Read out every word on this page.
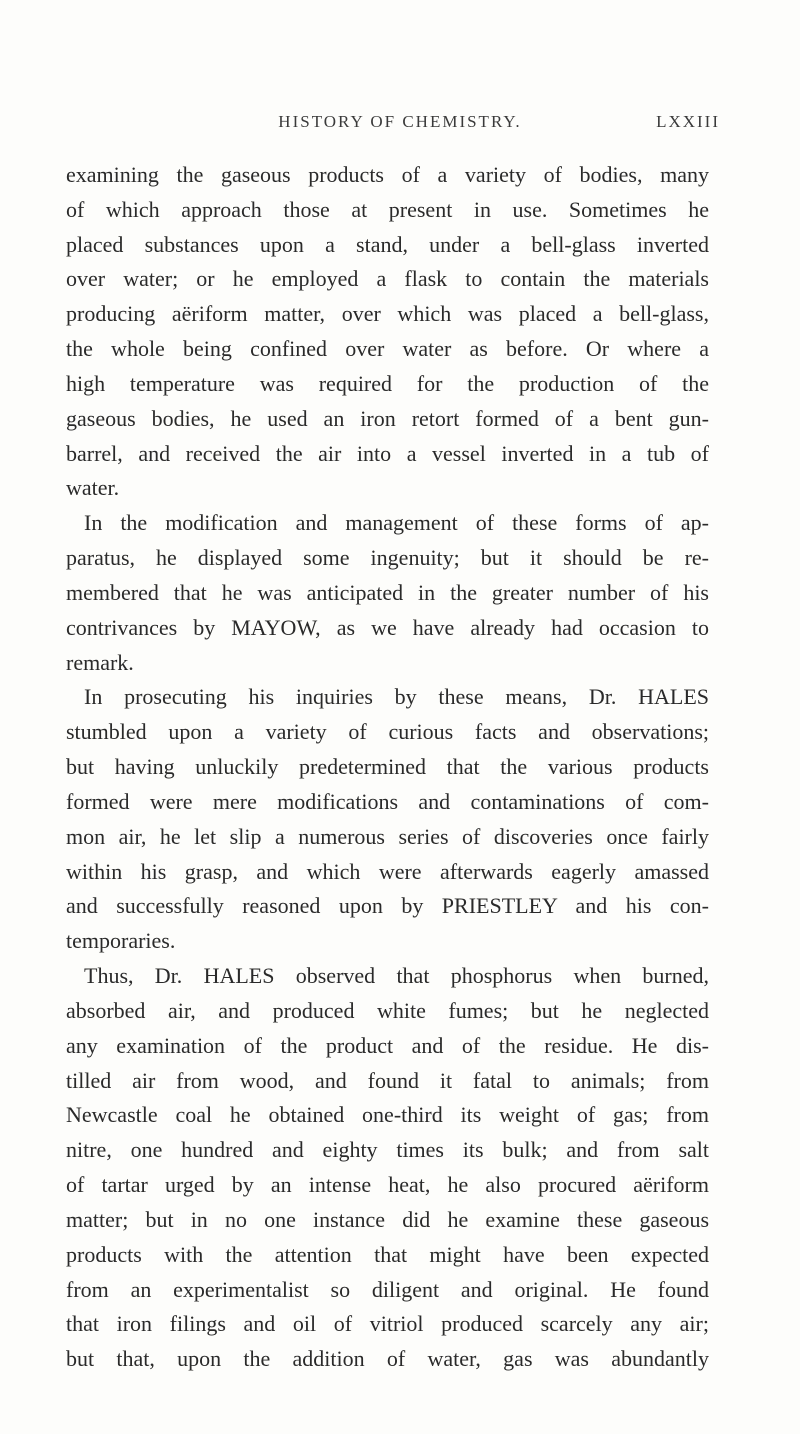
HISTORY OF CHEMISTRY.	LXXIII
examining the gaseous products of a variety of bodies, many
of which approach those at present in use. Sometimes he
placed substances upon a stand, under a bell-glass inverted
over water; or he employed a flask to contain the materials
producing aëriform matter, over which was placed a bell-glass,
the whole being confined over water as before. Or where a
high temperature was required for the production of the
gaseous bodies, he used an iron retort formed of a bent gun-
barrel, and received the air into a vessel inverted in a tub of
water.
In the modification and management of these forms of ap-
paratus, he displayed some ingenuity; but it should be re-
membered that he was anticipated in the greater number of his
contrivances by MAYOW, as we have already had occasion to
remark.
In prosecuting his inquiries by these means, Dr. HALES
stumbled upon a variety of curious facts and observations;
but having unluckily predetermined that the various products
formed were mere modifications and contaminations of com-
mon air, he let slip a numerous series of discoveries once fairly
within his grasp, and which were afterwards eagerly amassed
and successfully reasoned upon by PRIESTLEY and his con-
temporaries.
Thus, Dr. HALES observed that phosphorus when burned,
absorbed air, and produced white fumes; but he neglected
any examination of the product and of the residue. He dis-
tilled air from wood, and found it fatal to animals; from
Newcastle coal he obtained one-third its weight of gas; from
nitre, one hundred and eighty times its bulk; and from salt
of tartar urged by an intense heat, he also procured aëriform
matter; but in no one instance did he examine these gaseous
products with the attention that might have been expected
from an experimentalist so diligent and original. He found
that iron filings and oil of vitriol produced scarcely any air;
but that, upon the addition of water, gas was abundantly
